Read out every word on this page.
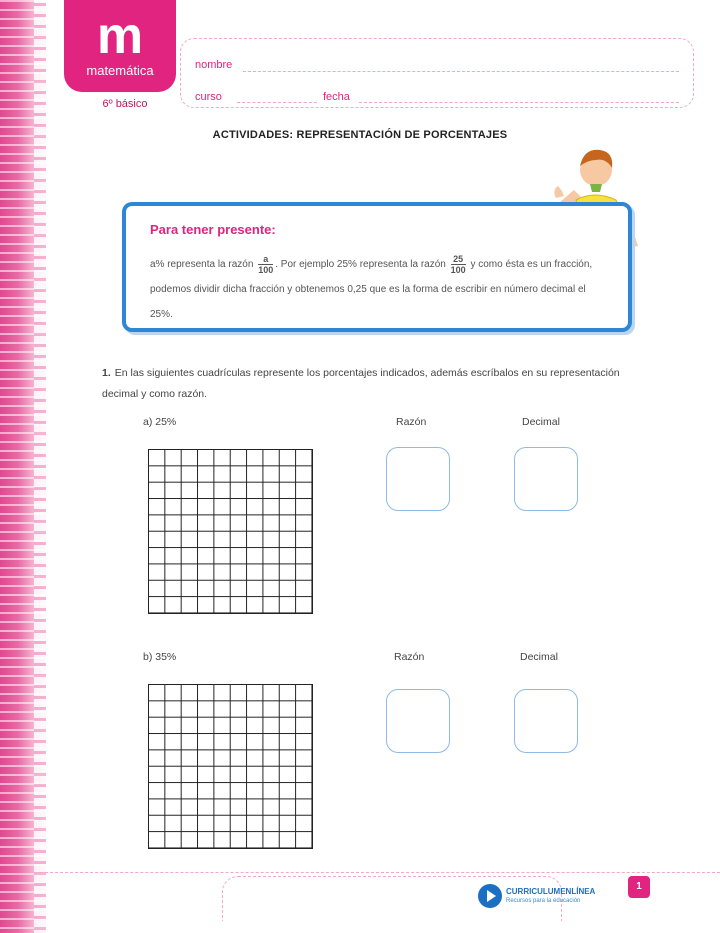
m
matemática
6º básico
nombre
curso	fecha
ACTIVIDADES: REPRESENTACIÓN DE PORCENTAJES
Para tener presente:
a% representa la razón $\frac{a}{100}$ . Por ejemplo 25% representa la razón $\frac{25}{100}$ y como ésta es un fracción, podemos dividir dicha fracción y obtenemos 0,25 que es la forma de escribir en número decimal el 25%.
1. En las siguientes cuadrículas represente los porcentajes indicados, además escríbalos en su representación decimal y como razón.
a) 25%	Razón	Decimal
b) 35%	Razón	Decimal
CURRICULUMENLÍNEA
Recursos para la educación
1
